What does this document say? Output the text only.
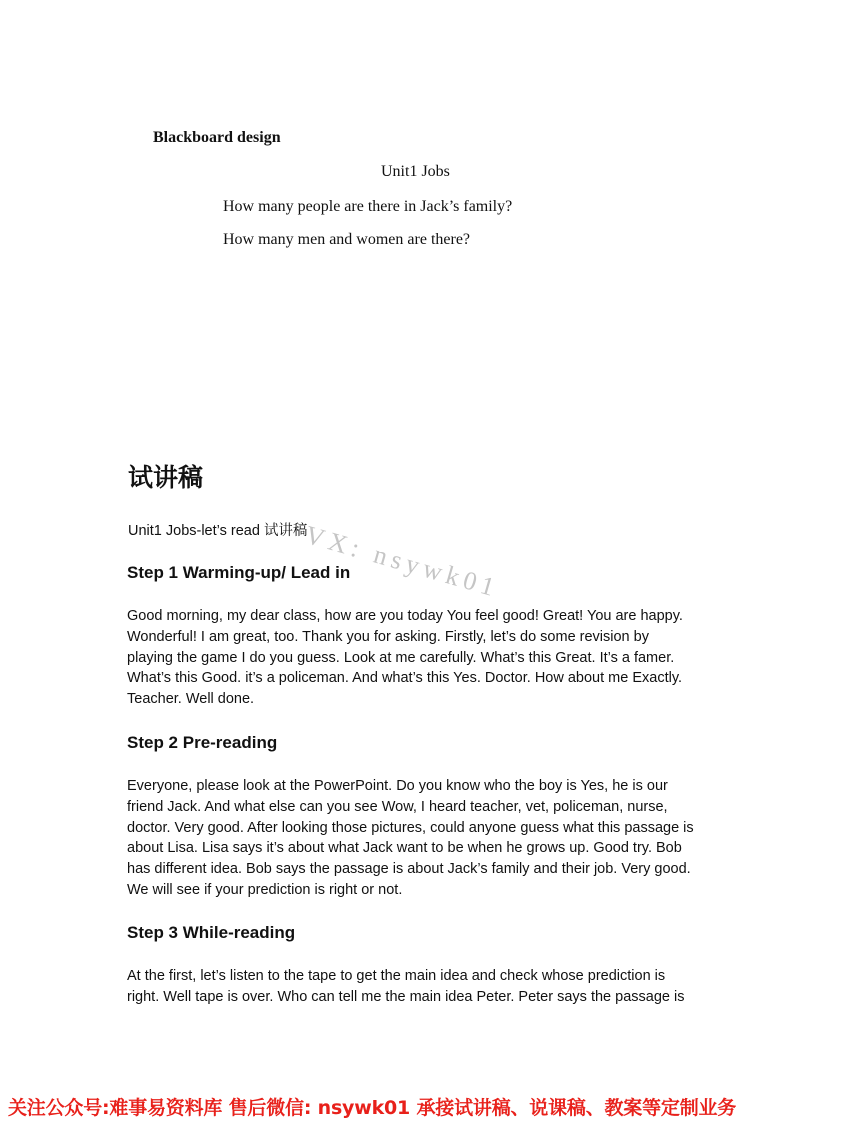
Blackboard design
Unit1 Jobs
How many people are there in Jack’s family?
How many men and women are there?
试讲稿
Unit1 Jobs-let’s read 试讲稿
VX: nsywk01
Step 1 Warming-up/ Lead in
Good morning, my dear class, how are you today You feel good! Great! You are happy.
Wonderful! I am great, too. Thank you for asking. Firstly, let’s do some revision by
playing the game I do you guess. Look at me carefully. What’s this Great. It’s a famer.
What’s this Good. it’s a policeman. And what’s this Yes. Doctor. How about me Exactly.
Teacher. Well done.
Step 2 Pre-reading
Everyone, please look at the PowerPoint. Do you know who the boy is Yes, he is our
friend Jack. And what else can you see Wow, I heard teacher, vet, policeman, nurse,
doctor. Very good. After looking those pictures, could anyone guess what this passage is
about Lisa. Lisa says it’s about what Jack want to be when he grows up. Good try. Bob
has different idea. Bob says the passage is about Jack’s family and their job. Very good.
We will see if your prediction is right or not.
Step 3 While-reading
At the first, let’s listen to the tape to get the main idea and check whose prediction is
right. Well tape is over. Who can tell me the main idea Peter. Peter says the passage is
关注公众号:难事易资料库 售后微信: nsywk01 承接试讲稿、说课稿、教案等定制业务
